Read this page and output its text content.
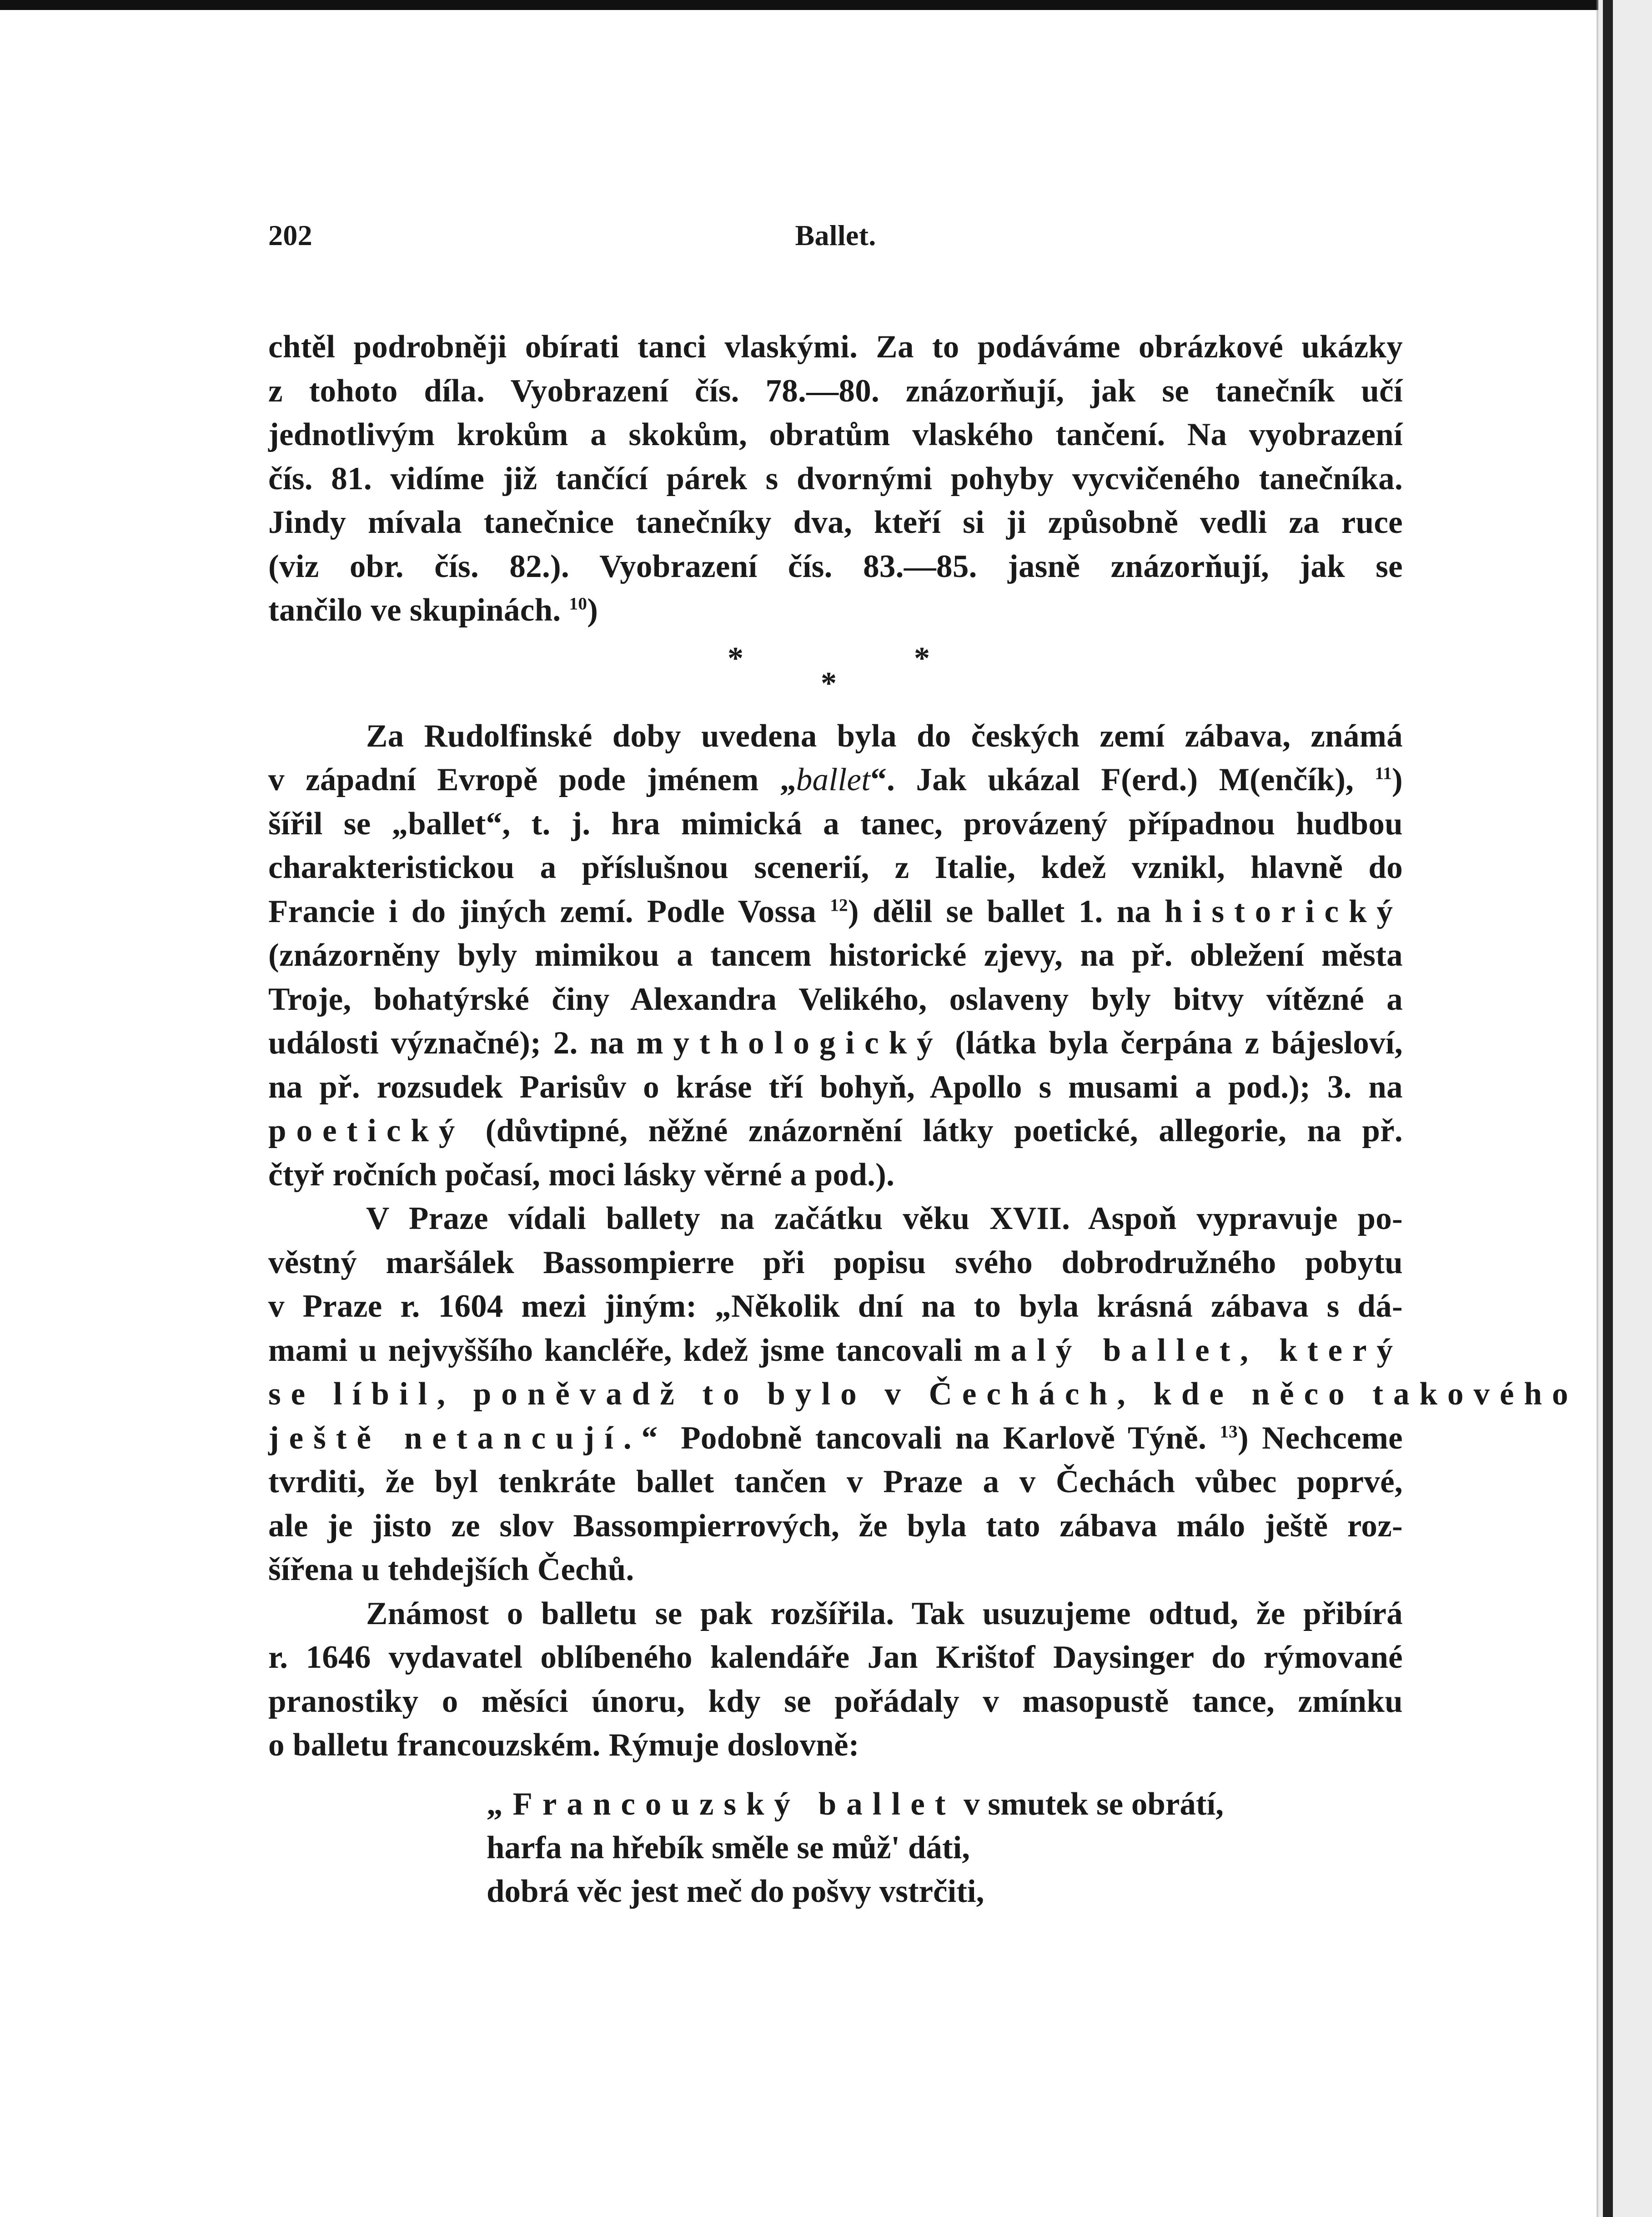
202	Ballet.
chtěl podrobněji obírati tanci vlaskými. Za to podáváme obrázkové ukázky
z tohoto díla. Vyobrazení čís. 78.—80. znázorňují, jak se tanečník učí
jednotlivým krokům a skokům, obratům vlaského tančení. Na vyobrazení
čís. 81. vidíme již tančící párek s dvornými pohyby vycvičeného tanečníka.
Jindy mívala tanečnice tanečníky dva, kteří si ji způsobně vedli za ruce
(viz obr. čís. 82.). Vyobrazení čís. 83.—85. jasně znázorňují, jak se
tančilo ve skupinách. $^{10}$)
*	*
*
Za Rudolfinské doby uvedena byla do českých zemí zábava, známá
v západní Evropě pode jménem „ballet“. Jak ukázal F(erd.) M(enčík), $^{11}$)
šířil se „ballet“, t. j. hra mimická a tanec, provázený případnou hudbou
charakteristickou a příslušnou scenerií, z Italie, kdež vznikl, hlavně do
Francie i do jiných zemí. Podle Vossa $^{12}$) dělil se ballet 1. na historický
(znázorněny byly mimikou a tancem historické zjevy, na př. obležení města
Troje, bohatýrské činy Alexandra Velikého, oslaveny byly bitvy vítězné a
události význačné); 2. na mythologický (látka byla čerpána z bájesloví,
na př. rozsudek Parisův o kráse tří bohyň, Apollo s musami a pod.); 3. na
poetický (důvtipné, něžné znázornění látky poetické, allegorie, na př.
čtyř ročních počasí, moci lásky věrné a pod.).
V Praze vídali ballety na začátku věku XVII. Aspoň vypravuje po-
věstný maršálek Bassompierre při popisu svého dobrodružného pobytu
v Praze r. 1604 mezi jiným: „Několik dní na to byla krásná zábava s dá-
mami u nejvyššího kancléře, kdež jsme tancovali malý ballet, který
se líbil, poněvadž to bylo v Čechách, kde něco takového
ještě netancují.“ Podobně tancovali na Karlově Týně. $^{13}$) Nechceme
tvrditi, že byl tenkráte ballet tančen v Praze a v Čechách vůbec poprvé,
ale je jisto ze slov Bassompierrových, že byla tato zábava málo ještě roz-
šířena u tehdejších Čechů.
Známost o balletu se pak rozšířila. Tak usuzujeme odtud, že přibírá
r. 1646 vydavatel oblíbeného kalendáře Jan Krištof Daysinger do rýmované
pranostiky o měsíci únoru, kdy se pořádaly v masopustě tance, zmínku
o balletu francouzském. Rýmuje doslovně:
„Francouzský ballet v smutek se obrátí,
harfa na hřebík směle se můž' dáti,
dobrá věc jest meč do pošvy vstrčiti,
